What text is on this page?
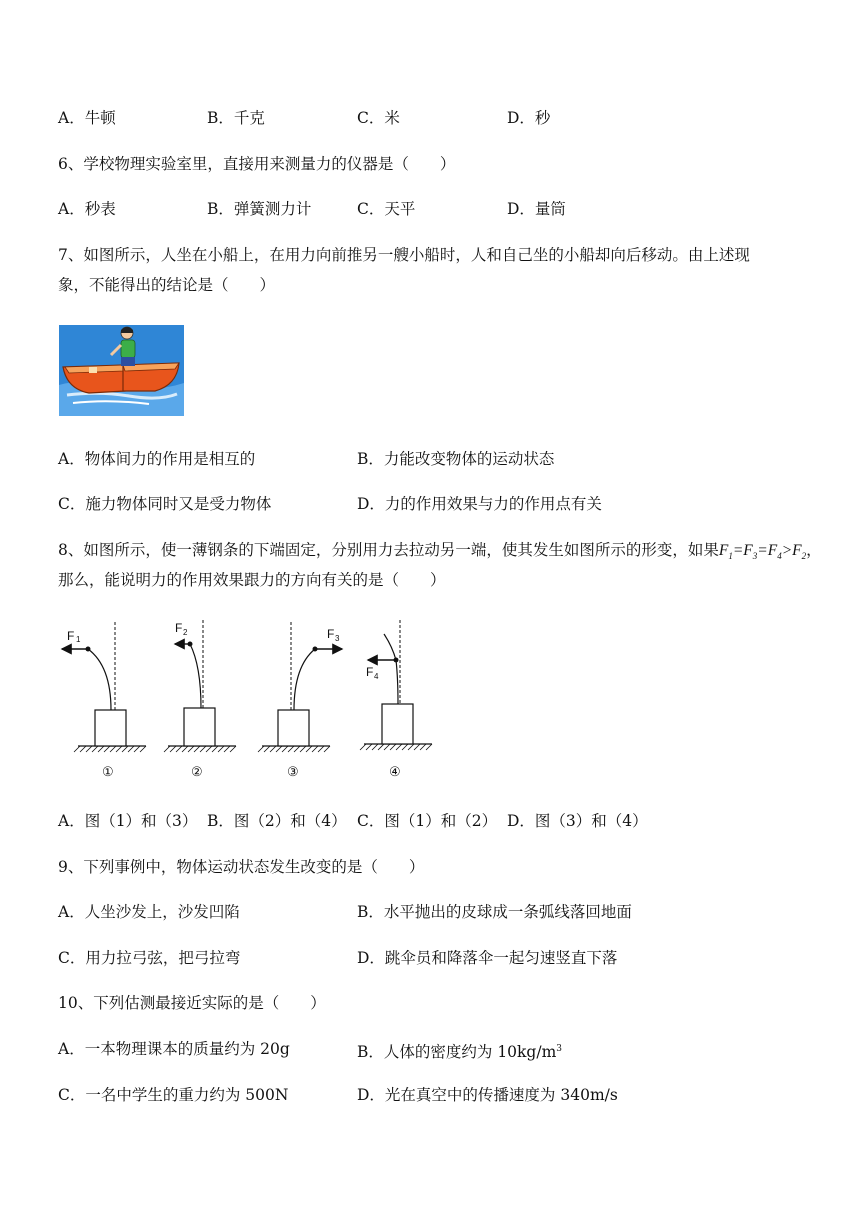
A．牛顿	B．千克	C．米	D．秒
6、学校物理实验室里，直接用来测量力的仪器是（　　）
A．秒表	B．弹簧测力计	C．天平	D．量筒
7、如图所示，人坐在小船上，在用力向前推另一艘小船时，人和自己坐的小船却向后移动。由上述现
象，不能得出的结论是（　　）
A．物体间力的作用是相互的	B．力能改变物体的运动状态
C．施力物体同时又是受力物体	D．力的作用效果与力的作用点有关
8、如图所示，使一薄钢条的下端固定，分别用力去拉动另一端，使其发生如图所示的形变，如果$F_1=F_3=F_4>F_2$，
那么，能说明力的作用效果跟力的方向有关的是（　　）
F 1
①
F 2
②
F 3
③
F 4
④
A．图（1）和（3） B．图（2）和（4） C．图（1）和（2） D．图（3）和（4）
9、下列事例中，物体运动状态发生改变的是（　　）
A．人坐沙发上，沙发凹陷	B．水平抛出的皮球成一条弧线落回地面
C．用力拉弓弦，把弓拉弯	D．跳伞员和降落伞一起匀速竖直下落
10、下列估测最接近实际的是（　　）
A．一本物理课本的质量约为 20g	B．人体的密度约为 $10kg/m^3$
C．一名中学生的重力约为 500N	D．光在真空中的传播速度为 340m/s
